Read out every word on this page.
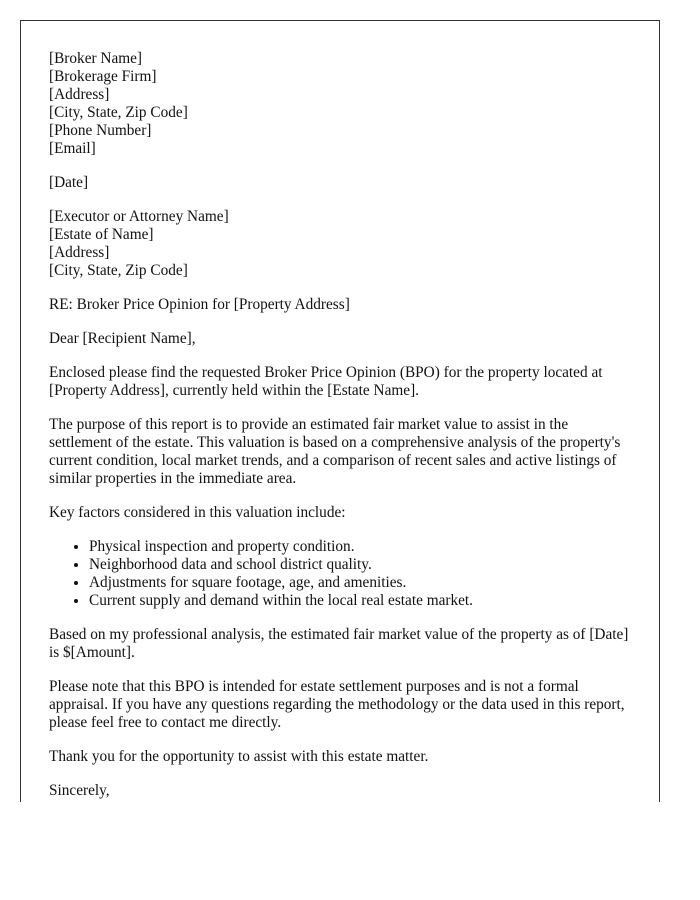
[Broker Name]
[Brokerage Firm]
[Address]
[City, State, Zip Code]
[Phone Number]
[Email]

[Date]

[Executor or Attorney Name]
[Estate of Name]
[Address]
[City, State, Zip Code]

RE: Broker Price Opinion for [Property Address]

Dear [Recipient Name],

Enclosed please find the requested Broker Price Opinion (BPO) for the property located at [Property Address], currently held within the [Estate Name].

The purpose of this report is to provide an estimated fair market value to assist in the settlement of the estate. This valuation is based on a comprehensive analysis of the property's current condition, local market trends, and a comparison of recent sales and active listings of similar properties in the immediate area.

Key factors considered in this valuation include:

• Physical inspection and property condition.
• Neighborhood data and school district quality.
• Adjustments for square footage, age, and amenities.
• Current supply and demand within the local real estate market.

Based on my professional analysis, the estimated fair market value of the property as of [Date] is $[Amount].

Please note that this BPO is intended for estate settlement purposes and is not a formal appraisal. If you have any questions regarding the methodology or the data used in this report, please feel free to contact me directly.

Thank you for the opportunity to assist with this estate matter.

Sincerely,
